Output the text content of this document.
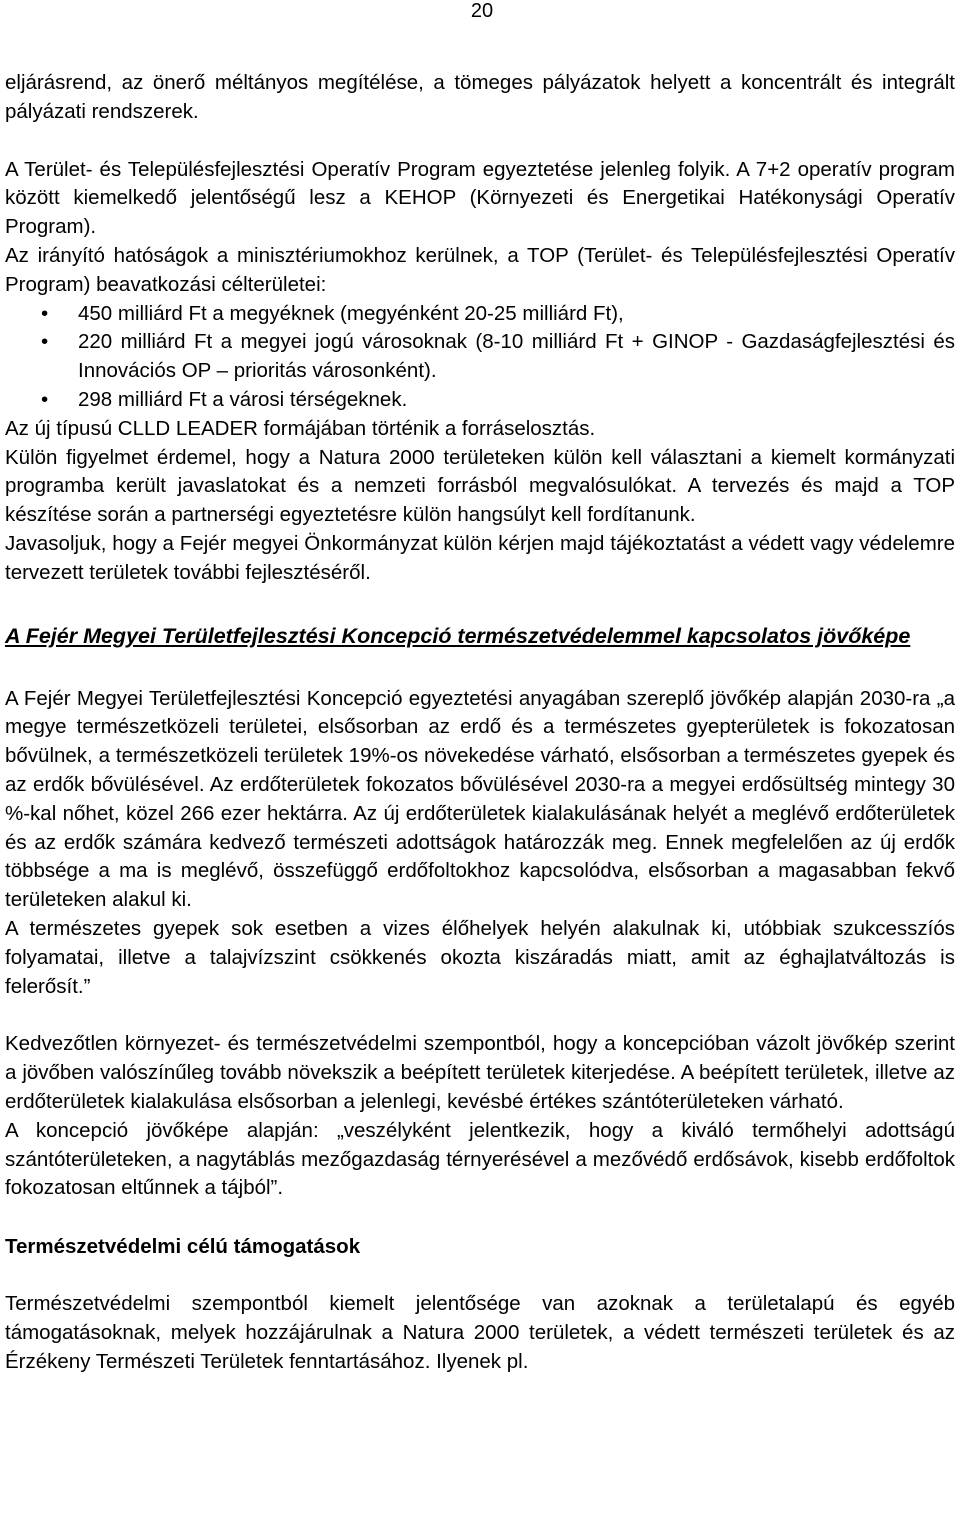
20

eljárásrend, az önerő méltányos megítélése, a tömeges pályázatok helyett a koncentrált és integrált pályázati rendszerek.

A Terület- és Településfejlesztési Operatív Program egyeztetése jelenleg folyik. A 7+2 operatív program között kiemelkedő jelentőségű lesz a KEHOP (Környezeti és Energetikai Hatékonysági Operatív Program).

Az irányító hatóságok a minisztériumokhoz kerülnek, a TOP (Terület- és Településfejlesztési Operatív Program) beavatkozási célterületei:

• 450 milliárd Ft a megyéknek (megyénként 20-25 milliárd Ft),
• 220 milliárd Ft a megyei jogú városoknak (8-10 milliárd Ft + GINOP - Gazdaságfejlesztési és Innovációs OP – prioritás városonként).
• 298 milliárd Ft a városi térségeknek.

Az új típusú CLLD LEADER formájában történik a forráselosztás.

Külön figyelmet érdemel, hogy a Natura 2000 területeken külön kell választani a kiemelt kormányzati programba került javaslatokat és a nemzeti forrásból megvalósulókat. A tervezés és majd a TOP készítése során a partnerségi egyeztetésre külön hangsúlyt kell fordítanunk.

Javasoljuk, hogy a Fejér megyei Önkormányzat külön kérjen majd tájékoztatást a védett vagy védelemre tervezett területek további fejlesztéséről.

A Fejér Megyei Területfejlesztési Koncepció természetvédelemmel kapcsolatos jövőképe

A Fejér Megyei Területfejlesztési Koncepció egyeztetési anyagában szereplő jövőkép alapján 2030-ra „a megye természetközeli területei, elsősorban az erdő és a természetes gyepterületek is fokozatosan bővülnek, a természetközeli területek 19%-os növekedése várható, elsősorban a természetes gyepek és az erdők bővülésével. Az erdőterületek fokozatos bővülésével 2030-ra a megyei erdősültség mintegy 30 %-kal nőhet, közel 266 ezer hektárra. Az új erdőterületek kialakulásának helyét a meglévő erdőterületek és az erdők számára kedvező természeti adottságok határozzák meg. Ennek megfelelően az új erdők többsége a ma is meglévő, összefüggő erdőfoltokhoz kapcsolódva, elsősorban a magasabban fekvő területeken alakul ki.

A természetes gyepek sok esetben a vizes élőhelyek helyén alakulnak ki, utóbbiak szukcesszíós folyamatai, illetve a talajvízszint csökkenés okozta kiszáradás miatt, amit az éghajlatváltozás is felerősít.”

Kedvezőtlen környezet- és természetvédelmi szempontból, hogy a koncepcióban vázolt jövőkép szerint a jövőben valószínűleg tovább növekszik a beépített területek kiterjedése. A beépített területek, illetve az erdőterületek kialakulása elsősorban a jelenlegi, kevésbé értékes szántóterületeken várható.

A koncepció jövőképe alapján: „veszélyként jelentkezik, hogy a kiváló termőhelyi adottságú szántóterületeken, a nagytáblás mezőgazdaság térnyerésével a mezővédő erdősávok, kisebb erdőfoltok fokozatosan eltűnnek a tájból”.

Természetvédelmi célú támogatások

Természetvédelmi szempontból kiemelt jelentősége van azoknak a területalapú és egyéb támogatásoknak, melyek hozzájárulnak a Natura 2000 területek, a védett természeti területek és az Érzékeny Természeti Területek fenntartásához. Ilyenek pl.
